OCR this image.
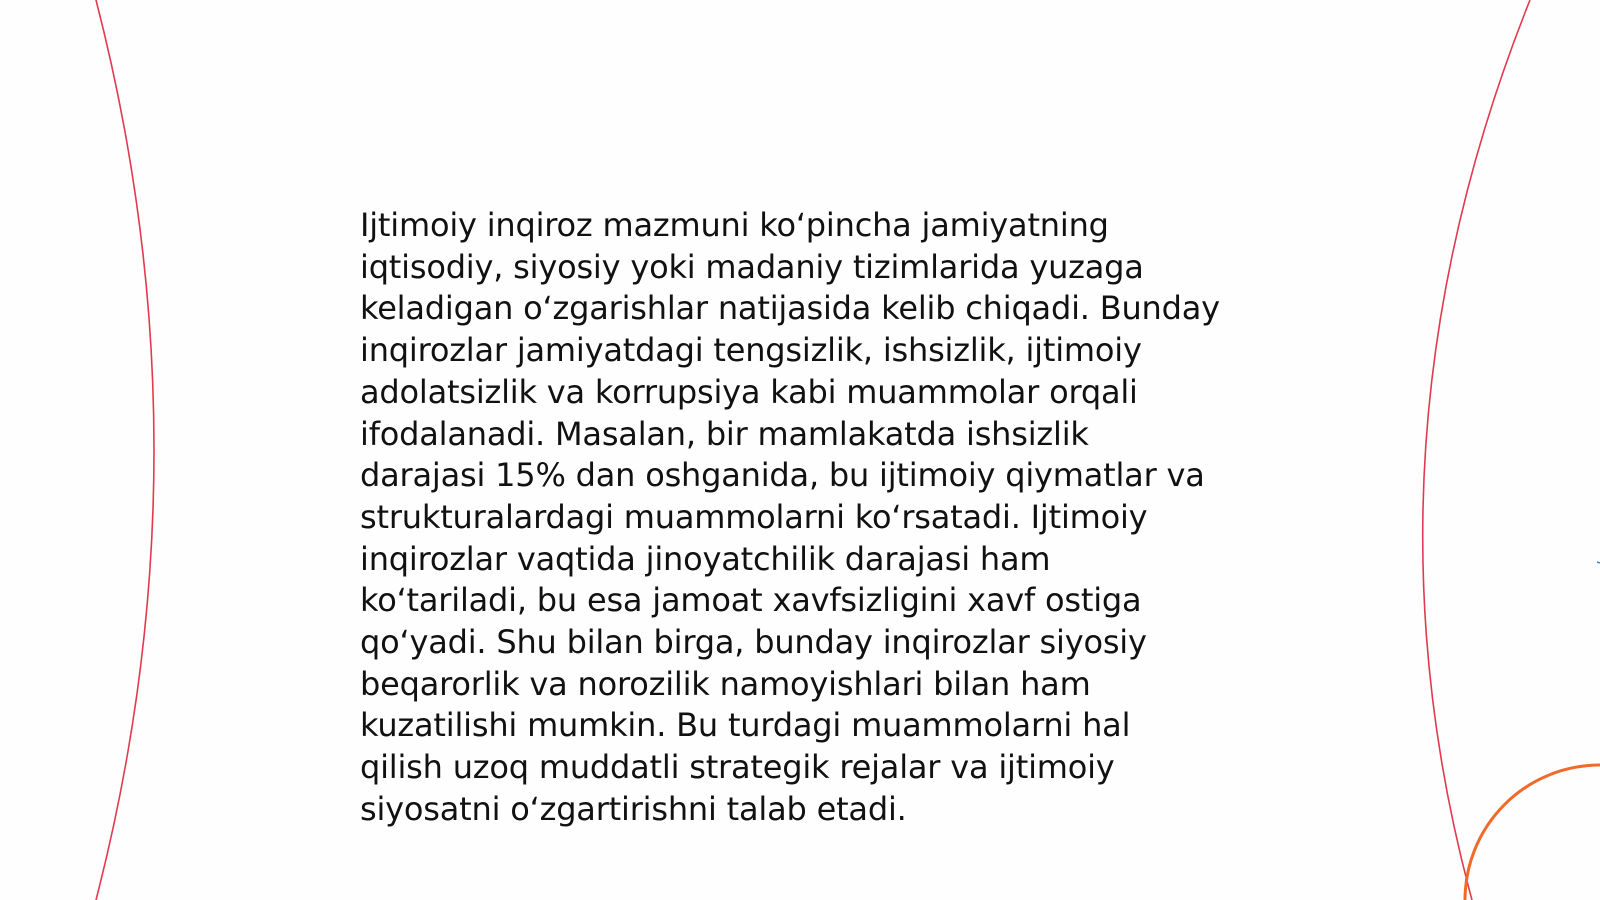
Ijtimoiy inqiroz mazmuni koʻpincha jamiyatning
iqtisodiy, siyosiy yoki madaniy tizimlarida yuzaga
keladigan oʻzgarishlar natijasida kelib chiqadi. Bunday
inqirozlar jamiyatdagi tengsizlik, ishsizlik, ijtimoiy
adolatsizlik va korrupsiya kabi muammolar orqali
ifodalanadi. Masalan, bir mamlakatda ishsizlik
darajasi 15% dan oshganida, bu ijtimoiy qiymatlar va
strukturalardagi muammolarni koʻrsatadi. Ijtimoiy
inqirozlar vaqtida jinoyatchilik darajasi ham
koʻtariladi, bu esa jamoat xavfsizligini xavf ostiga
qoʻyadi. Shu bilan birga, bunday inqirozlar siyosiy
beqarorlik va norozilik namoyishlari bilan ham
kuzatilishi mumkin. Bu turdagi muammolarni hal
qilish uzoq muddatli strategik rejalar va ijtimoiy
siyosatni oʻzgartirishni talab etadi.
